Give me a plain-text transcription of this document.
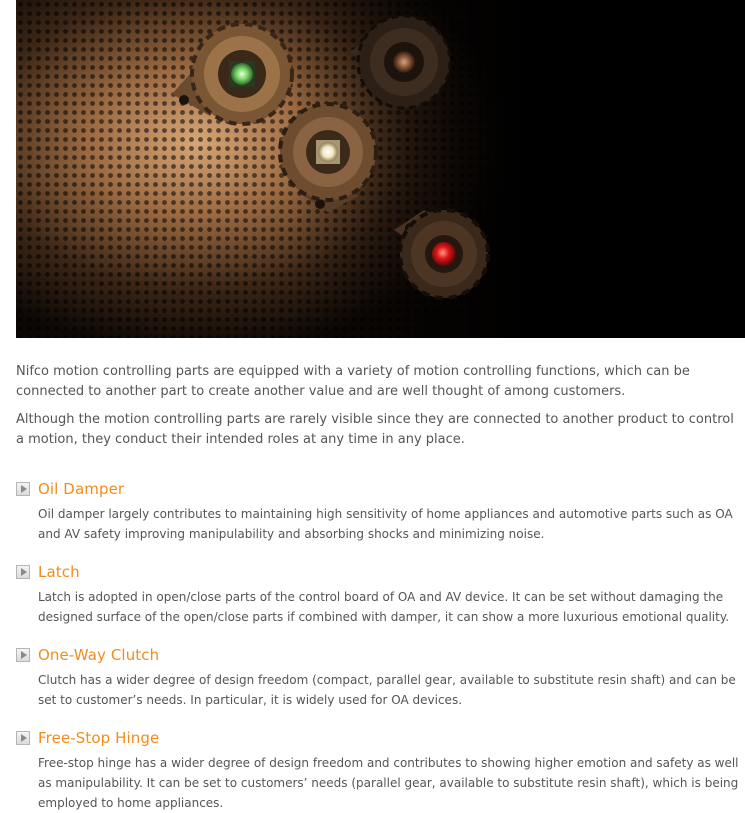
Nifco motion controlling parts are equipped with a variety of motion controlling functions, which can be connected to another part to create another value and are well thought of among customers.

Although the motion controlling parts are rarely visible since they are connected to another product to control a motion, they conduct their intended roles at any time in any place.

Oil Damper

Oil damper largely contributes to maintaining high sensitivity of home appliances and automotive parts such as OA and AV safety improving manipulability and absorbing shocks and minimizing noise.

Latch

Latch is adopted in open/close parts of the control board of OA and AV device. It can be set without damaging the designed surface of the open/close parts if combined with damper, it can show a more luxurious emotional quality.

One-Way Clutch

Clutch has a wider degree of design freedom (compact, parallel gear, available to substitute resin shaft) and can be set to customer’s needs. In particular, it is widely used for OA devices.

Free-Stop Hinge

Free-stop hinge has a wider degree of design freedom and contributes to showing higher emotion and safety as well as manipulability. It can be set to customers’ needs (parallel gear, available to substitute resin shaft), which is being employed to home appliances.
